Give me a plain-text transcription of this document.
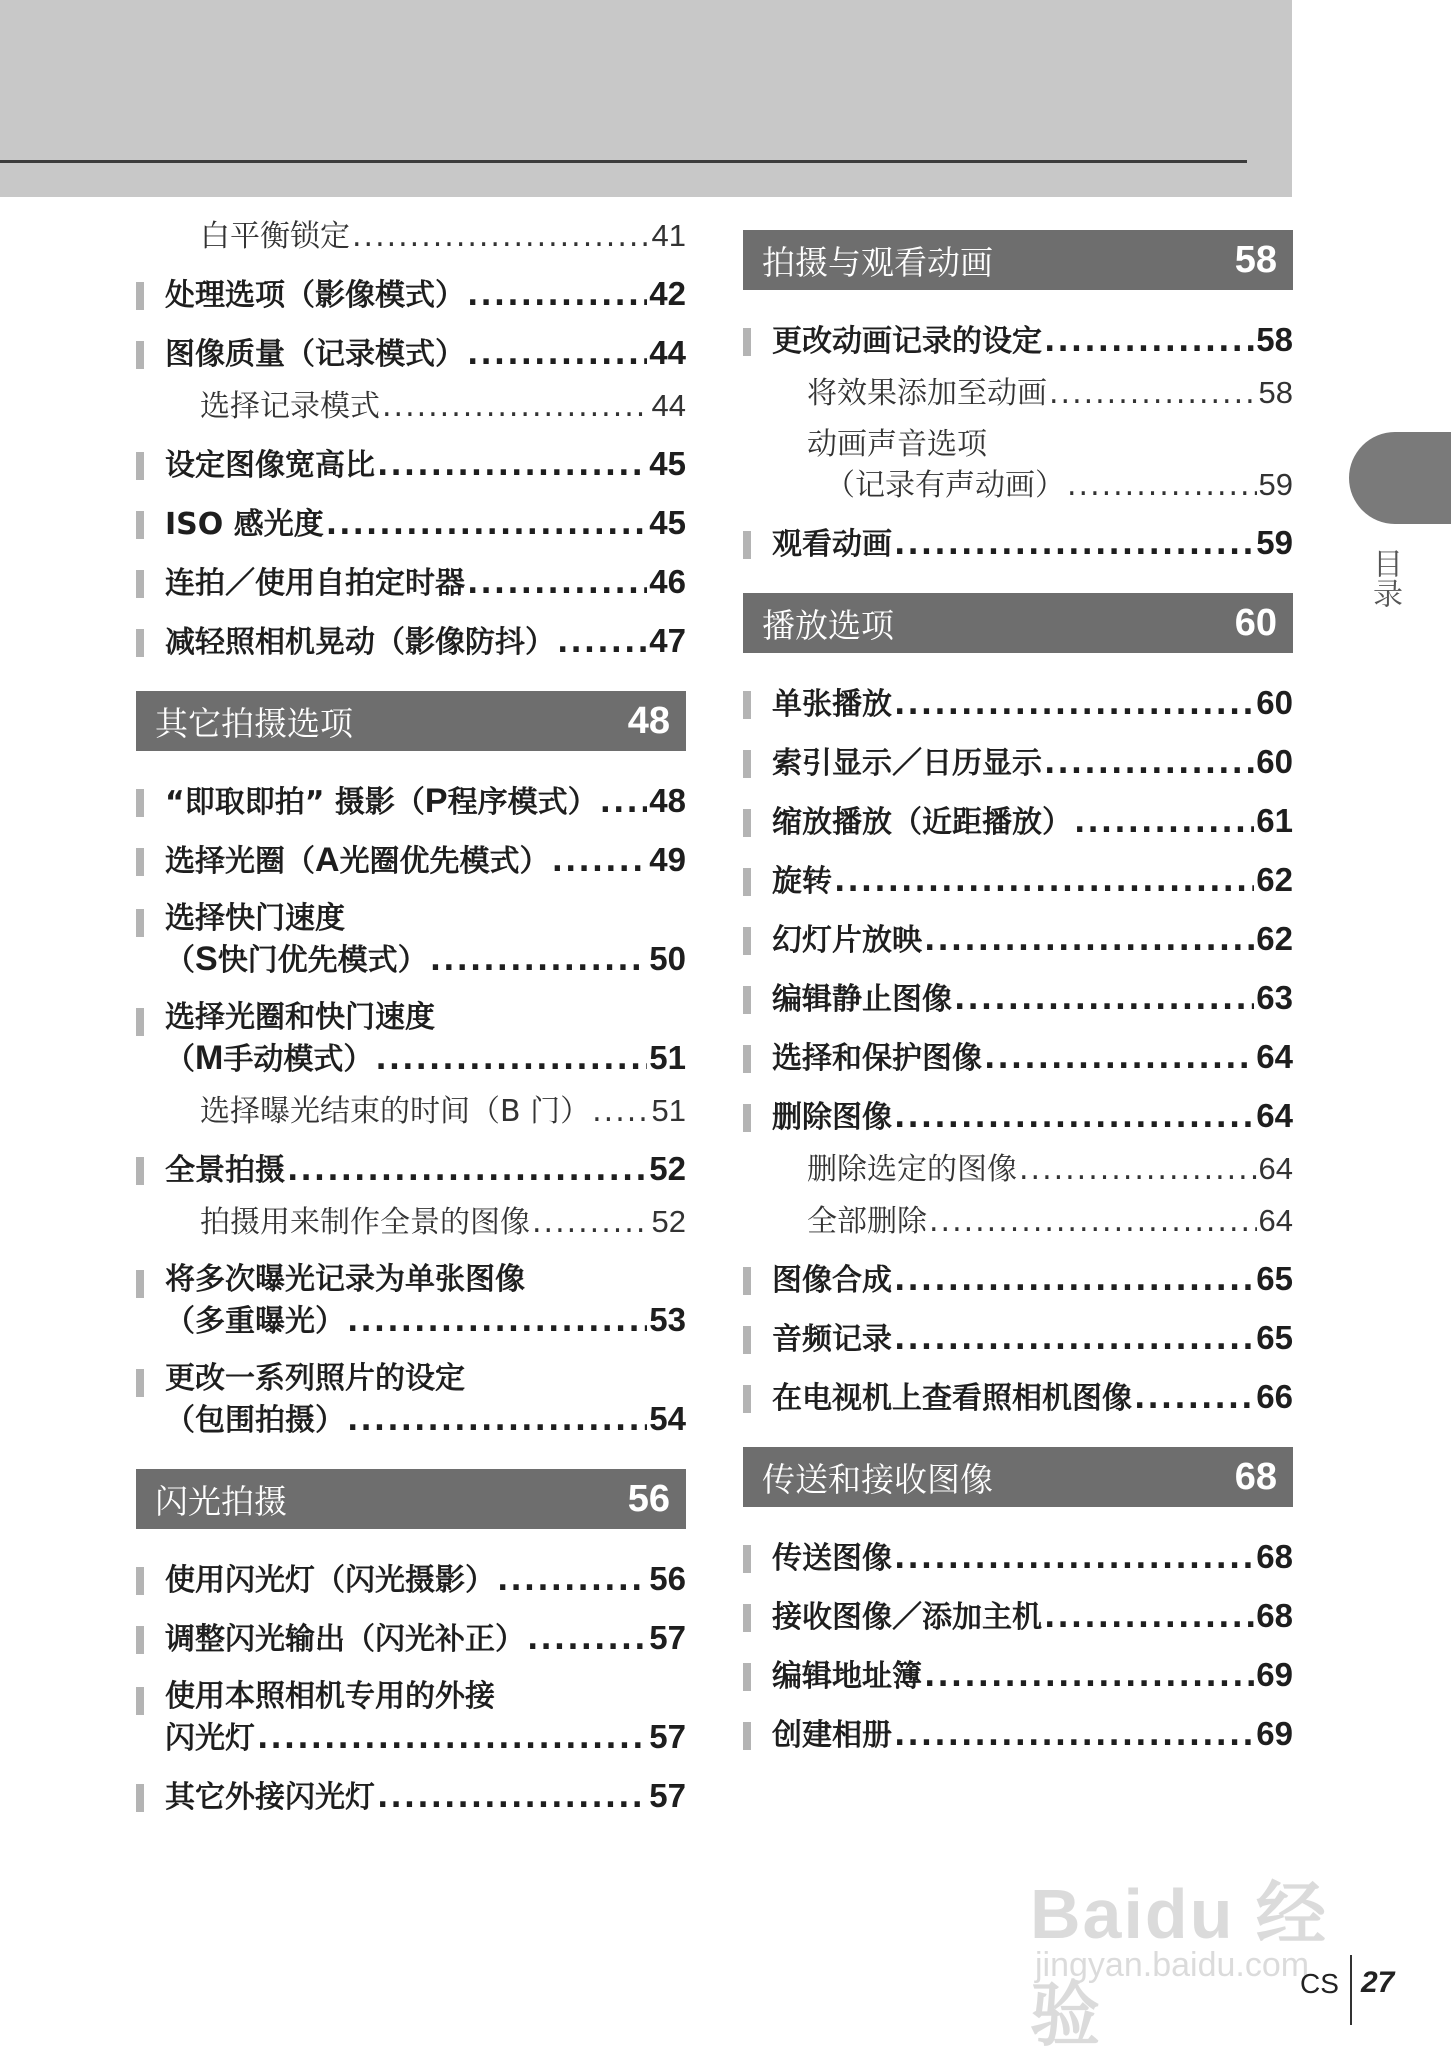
白平衡锁定 .....	41
处理选项（影像模式） .....	42
图像质量（记录模式） .....	44
选择记录模式 .....	44
设定图像宽高比 .....	45
ISO 感光度 .....	45
连拍／使用自拍定时器 .....	46
减轻照相机晃动（影像防抖） .....	47
其它拍摄选项	48
“即取即拍” 摄影（P程序模式） ..... 48
选择光圈（A光圈优先模式） .....	49
选择快门速度
（S快门优先模式） .....	50
选择光圈和快门速度
（M手动模式） .....	51
选择曝光结束的时间（B 门） ..... 51
全景拍摄 .....	52
拍摄用来制作全景的图像 .....	52
将多次曝光记录为单张图像
（多重曝光） .....	53
更改一系列照片的设定
（包围拍摄） .....	54
闪光拍摄	56
使用闪光灯（闪光摄影） .....	56
调整闪光输出（闪光补正） .....	57
使用本照相机专用的外接
闪光灯 .....	57
其它外接闪光灯 .....	57
拍摄与观看动画	58
更改动画记录的设定 .....	58
将效果添加至动画 .....	58
动画声音选项
（记录有声动画） .....	59
观看动画 .....	59
播放选项	60
单张播放 .....	60
索引显示／日历显示 .....	60
缩放播放（近距播放） .....	61
旋转 .....	62
幻灯片放映 .....	62
编辑静止图像 .....	63
选择和保护图像 .....	64
删除图像 .....	64
删除选定的图像 .....	64
全部删除 .....	64
图像合成 .....	65
音频记录 .....	65
在电视机上查看照相机图像 .....	66
传送和接收图像	68
传送图像 .....	68
接收图像／添加主机 .....	68
编辑地址簿 .....	69
创建相册 .....	69
目录
Baidu 经验
jingyan.baidu.com
CS 27
